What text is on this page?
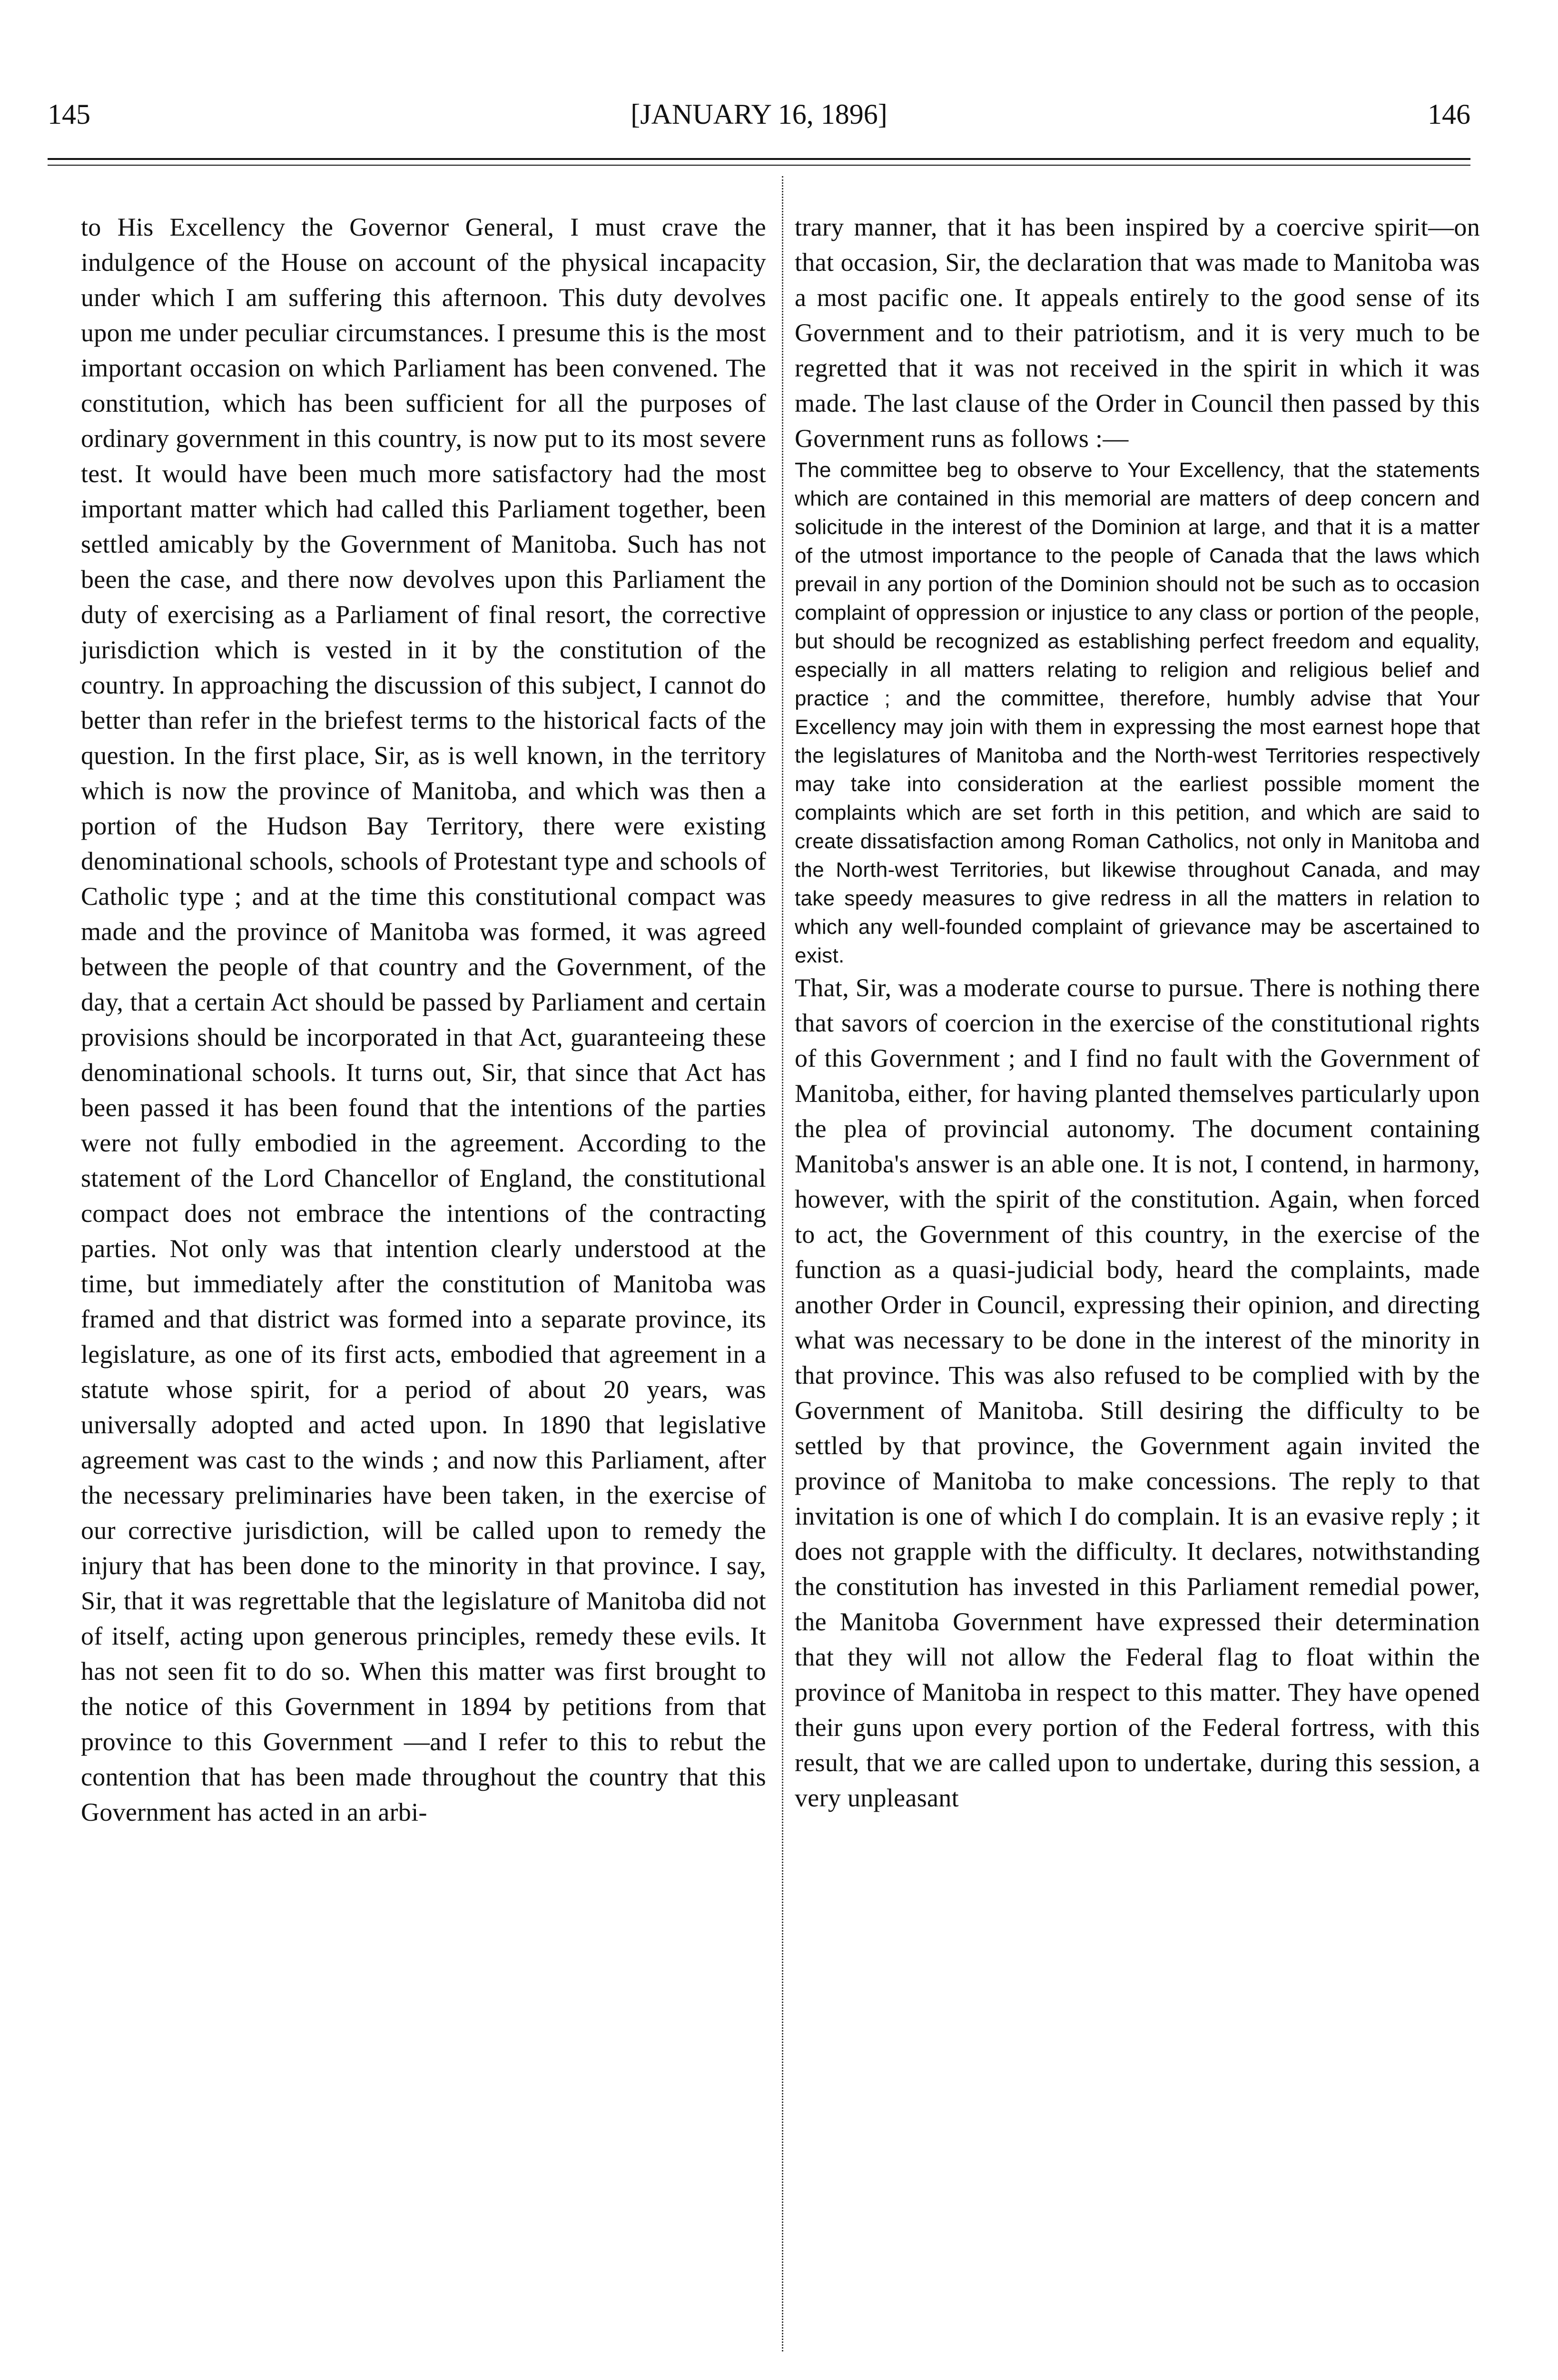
145	[JANUARY 16, 1896]	146

to His Excellency the Governor General, I must crave the indulgence of the House on account of the physical incapacity under which I am suffering this afternoon. This duty devolves upon me under peculiar circumstances. I presume this is the most important occasion on which Parliament has been convened. The constitution, which has been sufficient for all the purposes of ordinary government in this country, is now put to its most severe test. It would have been much more satisfactory had the most important matter which had called this Parliament together, been settled amicably by the Government of Manitoba. Such has not been the case, and there now devolves upon this Parliament the duty of exercising as a Parliament of final resort, the corrective jurisdiction which is vested in it by the constitution of the country. In approaching the discussion of this subject, I cannot do better than refer in the briefest terms to the historical facts of the question. In the first place, Sir, as is well known, in the territory which is now the province of Manitoba, and which was then a portion of the Hudson Bay Territory, there were existing denominational schools, schools of Protestant type and schools of Catholic type ; and at the time this constitutional compact was made and the province of Manitoba was formed, it was agreed between the people of that country and the Government, of the day, that a certain Act should be passed by Parliament and certain provisions should be incorporated in that Act, guaranteeing these denominational schools. It turns out, Sir, that since that Act has been passed it has been found that the intentions of the parties were not fully embodied in the agreement. According to the statement of the Lord Chancellor of England, the constitutional compact does not embrace the intentions of the contracting parties. Not only was that intention clearly understood at the time, but immediately after the constitution of Manitoba was framed and that district was formed into a separate province, its legislature, as one of its first acts, embodied that agreement in a statute whose spirit, for a period of about 20 years, was universally adopted and acted upon. In 1890 that legislative agreement was cast to the winds ; and now this Parliament, after the necessary preliminaries have been taken, in the exercise of our corrective jurisdiction, will be called upon to remedy the injury that has been done to the minority in that province. I say, Sir, that it was regrettable that the legislature of Manitoba did not of itself, acting upon generous principles, remedy these evils. It has not seen fit to do so. When this matter was first brought to the notice of this Government in 1894 by petitions from that province to this Government —and I refer to this to rebut the contention that has been made throughout the country that this Government has acted in an arbi-

trary manner, that it has been inspired by a coercive spirit—on that occasion, Sir, the declaration that was made to Manitoba was a most pacific one. It appeals entirely to the good sense of its Government and to their patriotism, and it is very much to be regretted that it was not received in the spirit in which it was made. The last clause of the Order in Council then passed by this Government runs as follows :—

The committee beg to observe to Your Excellency, that the statements which are contained in this memorial are matters of deep concern and solicitude in the interest of the Dominion at large, and that it is a matter of the utmost importance to the people of Canada that the laws which prevail in any portion of the Dominion should not be such as to occasion complaint of oppression or injustice to any class or portion of the people, but should be recognized as establishing perfect freedom and equality, especially in all matters relating to religion and religious belief and practice ; and the committee, therefore, humbly advise that Your Excellency may join with them in expressing the most earnest hope that the legislatures of Manitoba and the North-west Territories respectively may take into consideration at the earliest possible moment the complaints which are set forth in this petition, and which are said to create dissatisfaction among Roman Catholics, not only in Manitoba and the North-west Territories, but likewise throughout Canada, and may take speedy measures to give redress in all the matters in relation to which any well-founded complaint of grievance may be ascertained to exist.

That, Sir, was a moderate course to pursue. There is nothing there that savors of coercion in the exercise of the constitutional rights of this Government ; and I find no fault with the Government of Manitoba, either, for having planted themselves particularly upon the plea of provincial autonomy. The document containing Manitoba's answer is an able one. It is not, I contend, in harmony, however, with the spirit of the constitution. Again, when forced to act, the Government of this country, in the exercise of the function as a quasi-judicial body, heard the complaints, made another Order in Council, expressing their opinion, and directing what was necessary to be done in the interest of the minority in that province. This was also refused to be complied with by the Government of Manitoba. Still desiring the difficulty to be settled by that province, the Government again invited the province of Manitoba to make concessions. The reply to that invitation is one of which I do complain. It is an evasive reply ; it does not grapple with the difficulty. It declares, notwithstanding the constitution has invested in this Parliament remedial power, the Manitoba Government have expressed their determination that they will not allow the Federal flag to float within the province of Manitoba in respect to this matter. They have opened their guns upon every portion of the Federal fortress, with this result, that we are called upon to undertake, during this session, a very unpleasant
